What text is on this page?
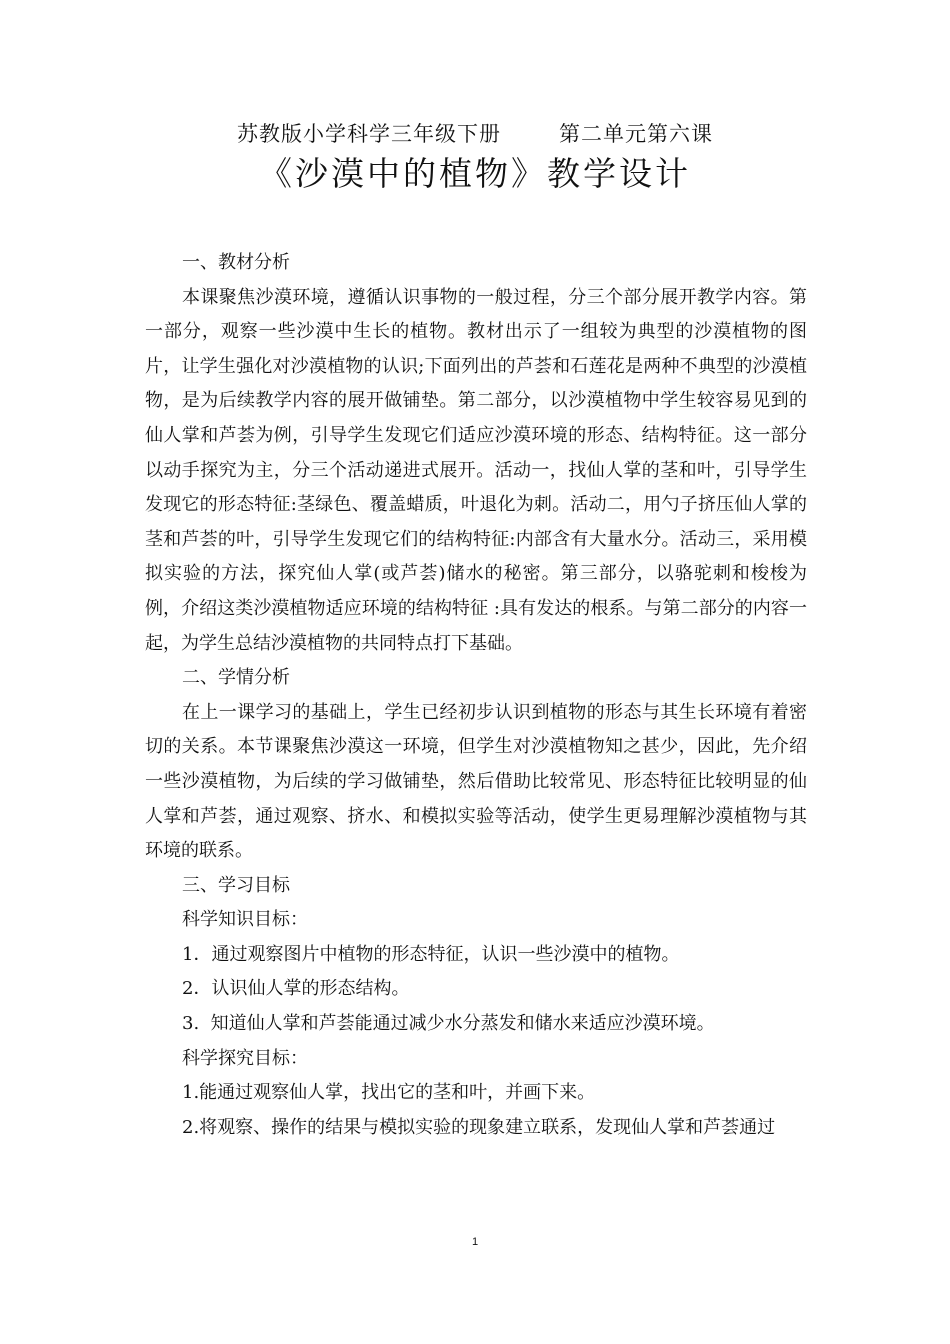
苏教版小学科学三年级下册	第二单元第六课
《沙漠中的植物》教学设计
一、教材分析
本课聚焦沙漠环境，遵循认识事物的一般过程，分三个部分展开教学内容。第一部分，观察一些沙漠中生长的植物。教材出示了一组较为典型的沙漠植物的图片，让学生强化对沙漠植物的认识;下面列出的芦荟和石莲花是两种不典型的沙漠植物，是为后续教学内容的展开做铺垫。第二部分，以沙漠植物中学生较容易见到的仙人掌和芦荟为例，引导学生发现它们适应沙漠环境的形态、结构特征。这一部分以动手探究为主，分三个活动递进式展开。活动一，找仙人掌的茎和叶，引导学生发现它的形态特征:茎绿色、覆盖蜡质，叶退化为刺。活动二，用勺子挤压仙人掌的茎和芦荟的叶，引导学生发现它们的结构特征:内部含有大量水分。活动三，采用模拟实验的方法，探究仙人掌(或芦荟)储水的秘密。第三部分，以骆驼刺和梭梭为例，介绍这类沙漠植物适应环境的结构特征 :具有发达的根系。与第二部分的内容一起，为学生总结沙漠植物的共同特点打下基础。
二、学情分析
在上一课学习的基础上，学生已经初步认识到植物的形态与其生长环境有着密切的关系。本节课聚焦沙漠这一环境，但学生对沙漠植物知之甚少，因此，先介绍一些沙漠植物，为后续的学习做铺垫，然后借助比较常见、形态特征比较明显的仙人掌和芦荟，通过观察、挤水、和模拟实验等活动，使学生更易理解沙漠植物与其环境的联系。
三、学习目标
科学知识目标：
1．通过观察图片中植物的形态特征，认识一些沙漠中的植物。
2．认识仙人掌的形态结构。
3.  知道仙人掌和芦荟能通过减少水分蒸发和储水来适应沙漠环境。
科学探究目标：
1.能通过观察仙人掌，找出它的茎和叶，并画下来。
2.将观察、操作的结果与模拟实验的现象建立联系，发现仙人掌和芦荟通过
1
